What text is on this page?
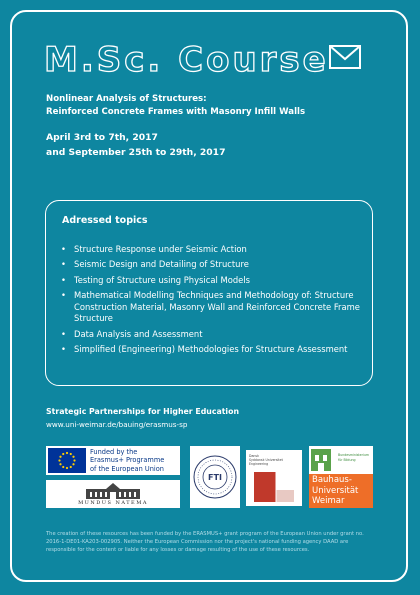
M.Sc. Course
Nonlinear Analysis of Structures:
Reinforced Concrete Frames with Masonry Infill Walls
April 3rd to 7th, 2017
and September 25th to 29th, 2017
Adressed topics
• Structure Response under Seismic Action
• Seismic Design and Detailing of Structure
• Testing of Structure using Physical Models
• Mathematical Modelling Techniques and Methodology of: Structure Construction Material, Masonry Wall and Reinforced Concrete Frame Structure
• Data Analysis and Assessment
• Simplified (Engineering) Methodologies for Structure Assessment
Strategic Partnerships for Higher Education
www.uni-weimar.de/bauing/erasmus-sp
Funded by the
Erasmus+ Programme
of the European Union
MUNDUS NATEMA
FTI
Dansk
Syddansk Universitet
Engineering
Bundesministerium
für Bildung
Bauhaus-
Universität
Weimar
The creation of these resources has been funded by the ERASMUS+ grant program of the European Union under grant no. 2016-1-DE01-KA203-002905. Neither the European Commission nor the project's national funding agency DAAD are responsible for the content or liable for any losses or damage resulting of the use of these resources.
